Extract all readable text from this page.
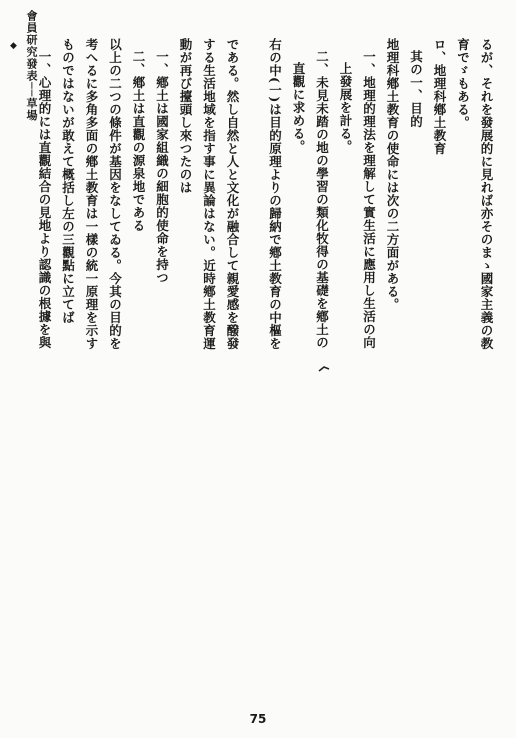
會員研究發表──草場
◆	である。然し自然と人と文化が融合して親愛感を醱發
する生活地域を指す事に異論はない。近時鄕土教育運
動が再び擡頭し來つたのは
一、鄕土は國家組織の細胞的使命を持つ
二、鄕土は直觀の源泉地である
以上の二つの條件が基因をなしてゐる。今其の目的を
考へるに多角多面の鄕土教育は一樣の統一原理を示す
ものではないが敢えて概括し左の三觀點に立てば
一、心理的には直觀結合の見地より認識の根據を與	るが、それを發展的に見れば亦そのまゝ國家主義の教
育でゞもある。
ロ、地理科鄕土教育
其の一、目的
地理科鄕土教育の使命には次の二方面がある。
一、地理的理法を理解して實生活に應用し生活の向
上發展を計る。
二、未見未踏の地の學習の類化牧得の基礎を鄕土の
直觀に求める。
右の中(一)は目的原理よりの歸納で鄕土教育の中樞を
75
